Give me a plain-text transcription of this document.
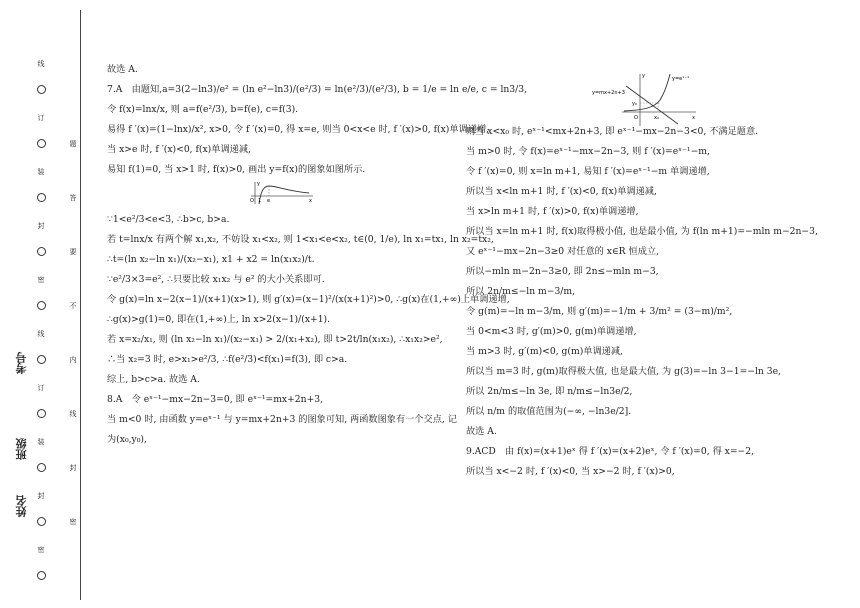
线
订
装
封
密
线
订
装
封
密
考号
班级
姓名
题
答
要
不
内
线
封
密

故选 A.

7.A　由题知,a=3(2−ln3)/e² = (ln e²−ln3)/(e²/3) = ln(e²/3)/(e²/3), b = 1/e = ln e/e, c = ln3/3,

令 f(x)=lnx/x, 则 a=f(e²/3), b=f(e), c=f(3).

易得 f ′(x)=(1−lnx)/x², x>0, 令 f ′(x)=0, 得 x=e, 则当 0<x<e 时, f ′(x)>0, f(x)单调递增,

当 x>e 时, f ′(x)<0, f(x)单调递减,

易知 f(1)=0, 当 x>1 时, f(x)>0, 画出 y=f(x)的图象如图所示.

y
O 1 e	x

∵1<e²/3<e<3, ∴b>c, b>a.

若 t=lnx/x 有两个解 x₁,x₂, 不妨设 x₁<x₂, 则 1<x₁<e<x₂, t∈(0, 1/e), ln x₁=tx₁, ln x₂=tx₂,

∴t=(ln x₂−ln x₁)/(x₂−x₁), x1 + x2 = ln(x₁x₂)/t.

∵e²/3×3=e², ∴只要比较 x₁x₂ 与 e² 的大小关系即可.

令 g(x)=ln x−2(x−1)/(x+1)(x>1), 则 g′(x)=(x−1)²/(x(x+1)²)>0, ∴g(x)在(1,+∞)上单调递增,

∴g(x)>g(1)=0, 即在(1,+∞)上, ln x>2(x−1)/(x+1).

若 x=x₂/x₁, 则 (ln x₂−ln x₁)/(x₂−x₁) > 2/(x₁+x₂), 即 t>2t/ln(x₁x₂), ∴x₁x₂>e²,

∴当 x₂=3 时, e>x₁>e²/3, ∴f(e²/3)<f(x₁)=f(3), 即 c>a.

综上, b>c>a. 故选 A.

8.A　令 eˣ⁻¹−mx−2n−3=0, 即 eˣ⁻¹=mx+2n+3,

当 m<0 时, 由函数 y=eˣ⁻¹ 与 y=mx+2n+3 的图象可知, 两函数图象有一个交点, 记

为(x₀,y₀),

则当 x<x₀ 时, eˣ⁻¹<mx+2n+3, 即 eˣ⁻¹−mx−2n−3<0, 不满足题意.

当 m>0 时, 令 f(x)=eˣ⁻¹−mx−2n−3, 则 f ′(x)=eˣ⁻¹−m,

令 f ′(x)=0, 则 x=ln m+1, 易知 f ′(x)=eˣ⁻¹−m 单调递增,

所以当 x<ln m+1 时, f ′(x)<0, f(x)单调递减,

当 x>ln m+1 时, f ′(x)>0, f(x)单调递增,

所以当 x=ln m+1 时, f(x)取得极小值, 也是最小值, 为 f(ln m+1)=−mln m−2n−3,

又 eˣ⁻¹−mx−2n−3≥0 对任意的 x∈R 恒成立,

所以−mln m−2n−3≥0, 即 2n≤−mln m−3,

所以 2n/m≤−ln m−3/m,

令 g(m)=−ln m−3/m, 则 g′(m)=−1/m + 3/m² = (3−m)/m²,

当 0<m<3 时, g′(m)>0, g(m)单调递增,

当 m>3 时, g′(m)<0, g(m)单调递减,

所以当 m=3 时, g(m)取得极大值, 也是最大值, 为 g(3)=−ln 3−1=−ln 3e,

所以 2n/m≤−ln 3e, 即 n/m≤−ln3e/2,

所以 n/m 的取值范围为(−∞, −ln3e/2].

故选 A.

9.ACD　由 f(x)=(x+1)eˣ 得 f ′(x)=(x+2)eˣ, 令 f ′(x)=0, 得 x=−2,

所以当 x<−2 时, f ′(x)<0, 当 x>−2 时, f ′(x)>0,

y=mx+2n+3
y=eˣ⁻¹
y
y₀
O	x₀	x
